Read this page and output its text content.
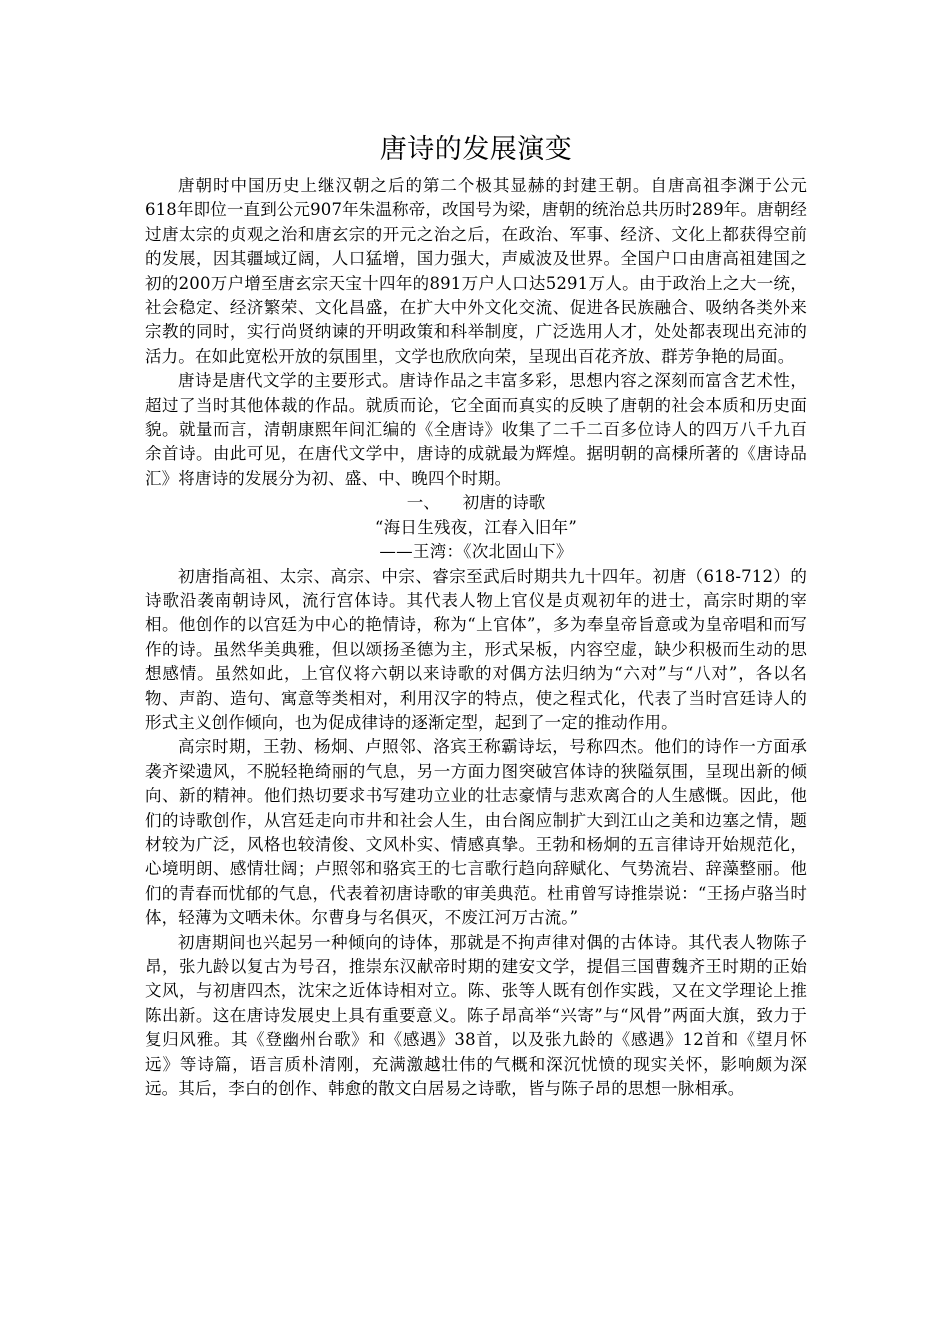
唐诗的发展演变

唐朝时中国历史上继汉朝之后的第二个极其显赫的封建王朝。自唐高祖李渊于公元618年即位一直到公元907年朱温称帝，改国号为梁，唐朝的统治总共历时289年。唐朝经过唐太宗的贞观之治和唐玄宗的开元之治之后，在政治、军事、经济、文化上都获得空前的发展，因其疆域辽阔，人口猛增，国力强大，声威波及世界。全国户口由唐高祖建国之初的200万户增至唐玄宗天宝十四年的891万户人口达5291万人。由于政治上之大一统，社会稳定、经济繁荣、文化昌盛，在扩大中外文化交流、促进各民族融合、吸纳各类外来宗教的同时，实行尚贤纳谏的开明政策和科举制度，广泛选用人才，处处都表现出充沛的活力。在如此宽松开放的氛围里，文学也欣欣向荣，呈现出百花齐放、群芳争艳的局面。

唐诗是唐代文学的主要形式。唐诗作品之丰富多彩，思想内容之深刻而富含艺术性，超过了当时其他体裁的作品。就质而论，它全面而真实的反映了唐朝的社会本质和历史面貌。就量而言，清朝康熙年间汇编的《全唐诗》收集了二千二百多位诗人的四万八千九百余首诗。由此可见，在唐代文学中，唐诗的成就最为辉煌。据明朝的高棅所著的《唐诗品汇》将唐诗的发展分为初、盛、中、晚四个时期。

一、 初唐的诗歌

“海日生残夜，江春入旧年”

——王湾：《次北固山下》

初唐指高祖、太宗、高宗、中宗、睿宗至武后时期共九十四年。初唐（618-712）的诗歌沿袭南朝诗风，流行宫体诗。其代表人物上官仪是贞观初年的进士，高宗时期的宰相。他创作的以宫廷为中心的艳情诗，称为“上官体”，多为奉皇帝旨意或为皇帝唱和而写作的诗。虽然华美典雅，但以颂扬圣德为主，形式呆板，内容空虚，缺少积极而生动的思想感情。虽然如此，上官仪将六朝以来诗歌的对偶方法归纳为“六对”与“八对”，各以名物、声韵、造句、寓意等类相对，利用汉字的特点，使之程式化，代表了当时宫廷诗人的形式主义创作倾向，也为促成律诗的逐渐定型，起到了一定的推动作用。

高宗时期，王勃、杨炯、卢照邻、洛宾王称霸诗坛，号称四杰。他们的诗作一方面承袭齐梁遗风，不脱轻艳绮丽的气息，另一方面力图突破宫体诗的狭隘氛围，呈现出新的倾向、新的精神。他们热切要求书写建功立业的壮志豪情与悲欢离合的人生感慨。因此，他们的诗歌创作，从宫廷走向市井和社会人生，由台阁应制扩大到江山之美和边塞之情，题材较为广泛，风格也较清俊、文风朴实、情感真挚。王勃和杨炯的五言律诗开始规范化，心境明朗、感情壮阔；卢照邻和骆宾王的七言歌行趋向辞赋化、气势流岩、辞藻整丽。他们的青春而忧郁的气息，代表着初唐诗歌的审美典范。杜甫曾写诗推崇说：“王扬卢骆当时体，轻薄为文哂未休。尔曹身与名俱灭，不废江河万古流。”

初唐期间也兴起另一种倾向的诗体，那就是不拘声律对偶的古体诗。其代表人物陈子昂，张九龄以复古为号召，推崇东汉献帝时期的建安文学，提倡三国曹魏齐王时期的正始文风，与初唐四杰，沈宋之近体诗相对立。陈、张等人既有创作实践，又在文学理论上推陈出新。这在唐诗发展史上具有重要意义。陈子昂高举“兴寄”与“风骨”两面大旗，致力于复归风雅。其《登幽州台歌》和《感遇》38首，以及张九龄的《感遇》12首和《望月怀远》等诗篇，语言质朴清刚，充满激越壮伟的气概和深沉忧愤的现实关怀，影响颇为深远。其后，李白的创作、韩愈的散文白居易之诗歌，皆与陈子昂的思想一脉相承。
